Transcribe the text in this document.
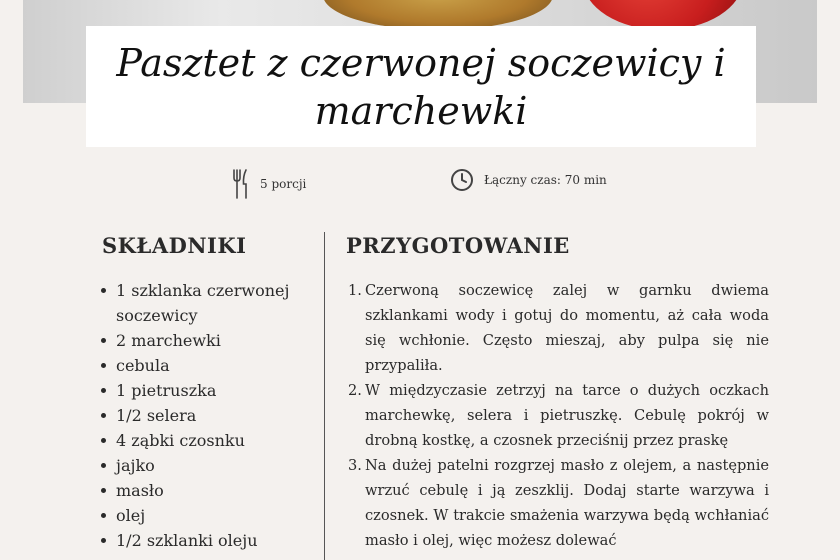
Pasztet z czerwonej soczewicy i marchewki
5 porcji	Łączny czas: 70 min
SKŁADNIKI	PRZYGOTOWANIE
1 szklanka czerwonej soczewicy
2 marchewki
cebula
1 pietruszka
1/2 selera
4 ząbki czosnku
jajko
masło
olej
1/2 szklanki oleju
1. Czerwoną soczewicę zalej w garnku dwiema szklankami wody i gotuj do momentu, aż cała woda się wchłonie. Często mieszaj, aby pulpa się nie przypaliła.
2. W międzyczasie zetrzyj na tarce o dużych oczkach marchewkę, selera i pietruszkę. Cebulę pokrój w drobną kostkę, a czosnek przeciśnij przez praskę
3. Na dużej patelni rozgrzej masło z olejem, a następnie wrzuć cebulę i ją zeszklij. Dodaj starte warzywa i czosnek. W trakcie smażenia warzywa będą wchłaniać masło i olej, więc możesz dolewać
